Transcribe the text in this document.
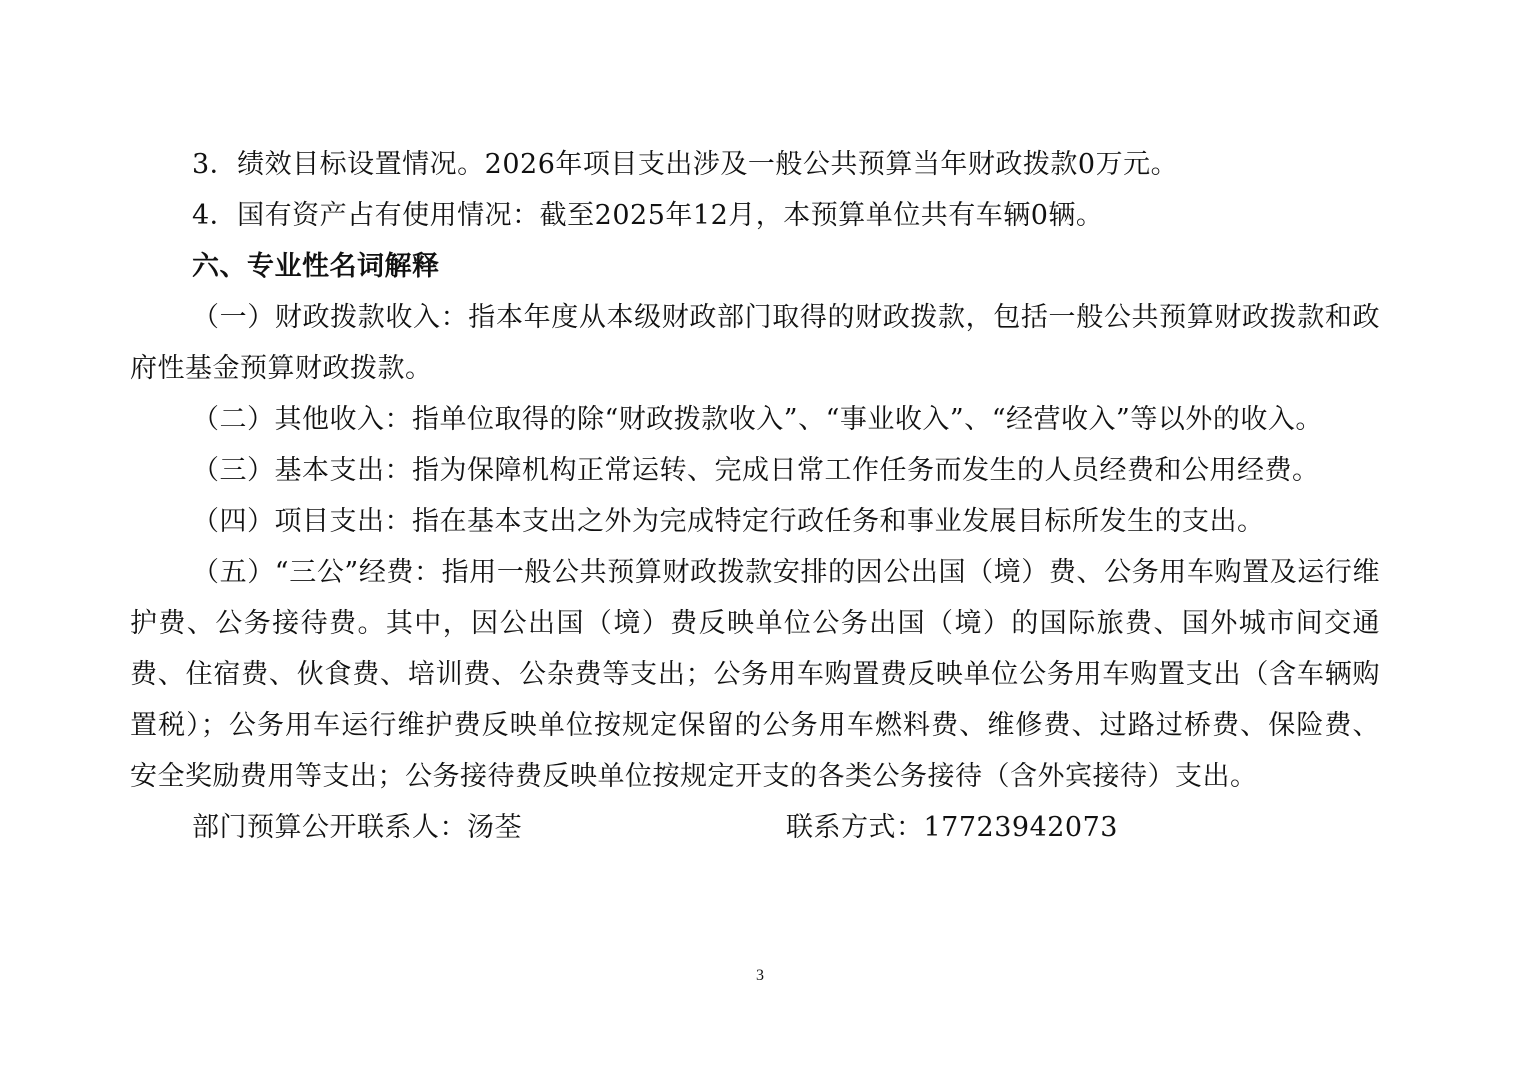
3．绩效目标设置情况。2026年项目支出涉及一般公共预算当年财政拨款0万元。

4．国有资产占有使用情况：截至2025年12月，本预算单位共有车辆0辆。

六、专业性名词解释

（一）财政拨款收入：指本年度从本级财政部门取得的财政拨款，包括一般公共预算财政拨款和政府性基金预算财政拨款。

（二）其他收入：指单位取得的除“财政拨款收入”、“事业收入”、“经营收入”等以外的收入。

（三）基本支出：指为保障机构正常运转、完成日常工作任务而发生的人员经费和公用经费。

（四）项目支出：指在基本支出之外为完成特定行政任务和事业发展目标所发生的支出。

（五）“三公”经费：指用一般公共预算财政拨款安排的因公出国（境）费、公务用车购置及运行维护费、公务接待费。其中，因公出国（境）费反映单位公务出国（境）的国际旅费、国外城市间交通费、住宿费、伙食费、培训费、公杂费等支出；公务用车购置费反映单位公务用车购置支出（含车辆购置税）；公务用车运行维护费反映单位按规定保留的公务用车燃料费、维修费、过路过桥费、保险费、安全奖励费用等支出；公务接待费反映单位按规定开支的各类公务接待（含外宾接待）支出。

部门预算公开联系人：汤荃	联系方式：17723942073
3
